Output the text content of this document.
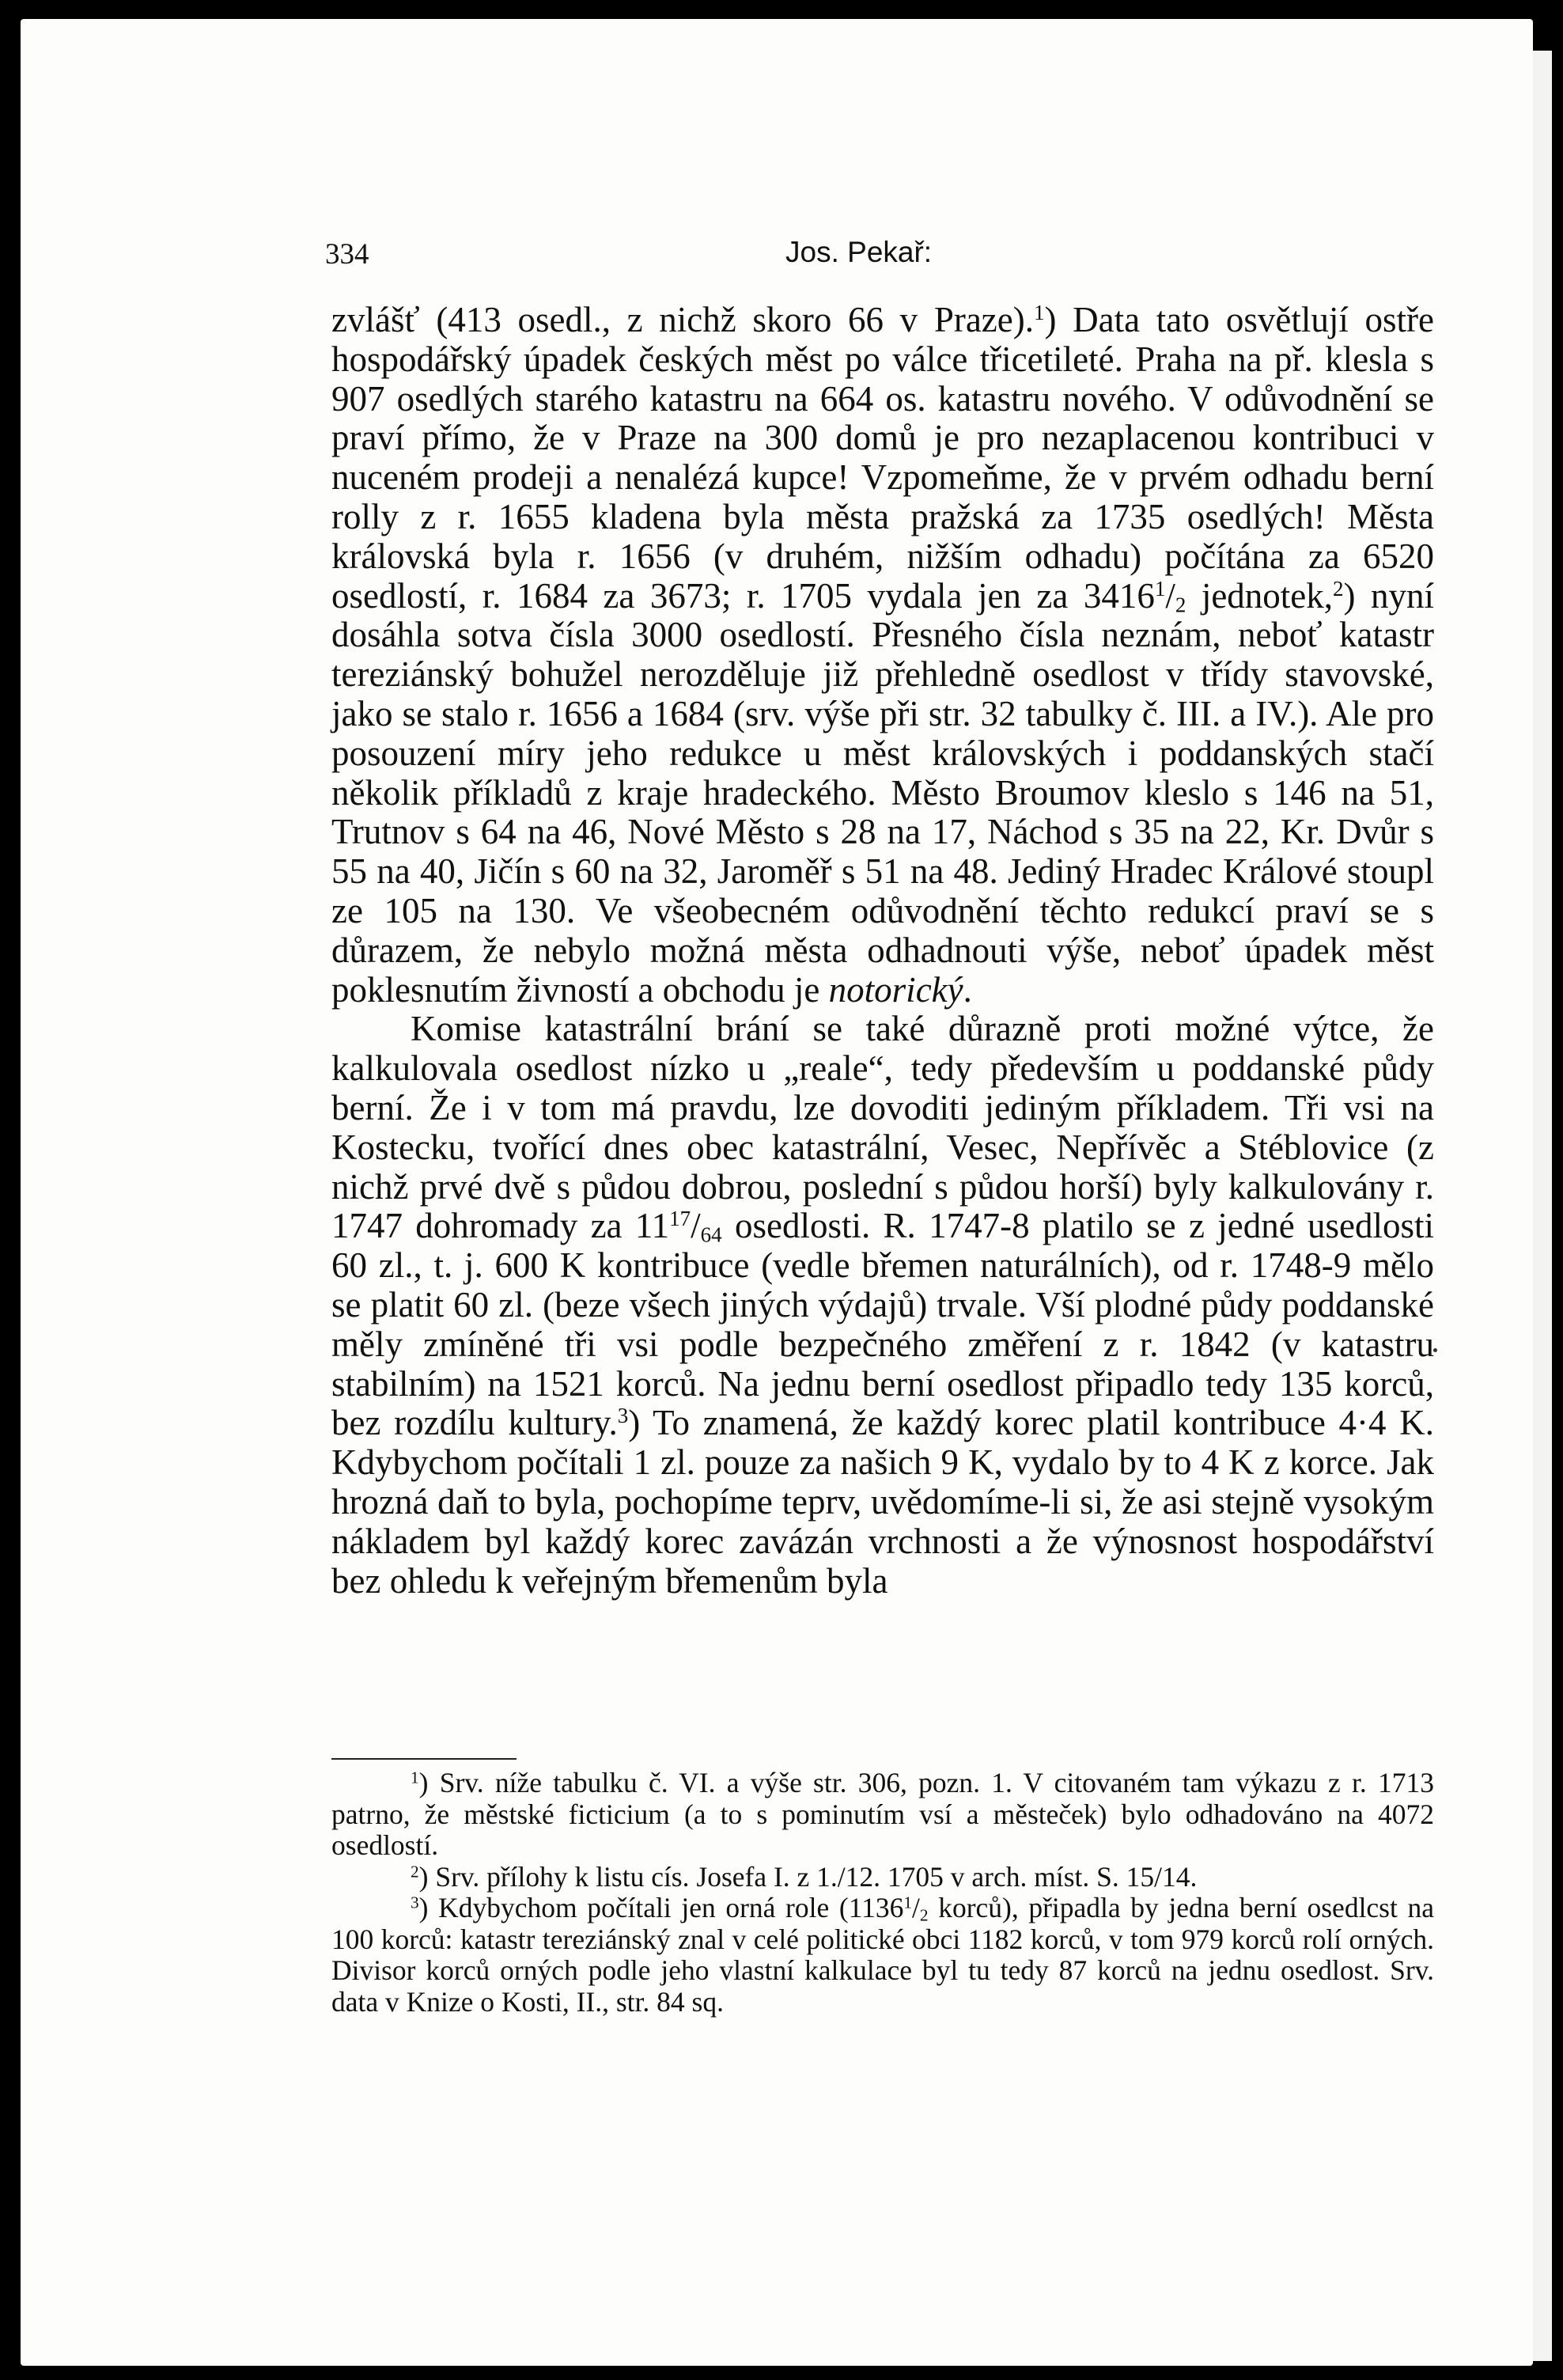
334	Jos. Pekař:

zvlášť (413 osedl., z nichž skoro 66 v Praze).$^1$) Data tato osvětlují ostře hospodářský úpadek českých měst po válce třicetileté. Praha na př. klesla s 907 osedlých starého katastru na 664 os. katastru nového. V odůvodnění se praví přímo, že v Praze na 300 domů je pro nezaplacenou kontribuci v nuceném prodeji a nenalézá kupce! Vzpomeňme, že v prvém odhadu berní rolly z r. 1655 kladena byla města pražská za 1735 osedlých! Města královská byla r. 1656 (v druhém, nižším odhadu) počítána za 6520 osedlostí, r. 1684 za 3673; r. 1705 vydala jen za $3416^1/_2$ jednotek,$^2$) nyní dosáhla sotva čísla 3000 osedlostí. Přesného čísla neznám, neboť katastr tereziánský bohužel nerozděluje již přehledně osedlost v třídy stavovské, jako se stalo r. 1656 a 1684 (srv. výše při str. 32 tabulky č. III. a IV.). Ale pro posouzení míry jeho redukce u měst královských i poddanských stačí několik příkladů z kraje hradeckého. Město Broumov kleslo s 146 na 51, Trutnov s 64 na 46, Nové Město s 28 na 17, Náchod s 35 na 22, Kr. Dvůr s 55 na 40, Jičín s 60 na 32, Jaroměř s 51 na 48. Jediný Hradec Králové stoupl ze 105 na 130. Ve všeobecném odůvodnění těchto redukcí praví se s důrazem, že nebylo možná města odhadnouti výše, neboť úpadek měst poklesnutím živností a obchodu je notorický.

Komise katastrální brání se také důrazně proti možné výtce, že kalkulovala osedlost nízko u „reale“, tedy především u poddanské půdy berní. Že i v tom má pravdu, lze dovoditi jediným příkladem. Tři vsi na Kostecku, tvořící dnes obec katastrální, Vesec, Nepřívěc a Stéblovice (z nichž prvé dvě s půdou dobrou, poslední s půdou horší) byly kalkulovány r. 1747 dohromady za $11^{17}/_{64}$ osedlosti. R. 1747-8 platilo se z jedné usedlosti 60 zl., t. j. 600 K kontribuce (vedle břemen naturálních), od r. 1748-9 mělo se platit 60 zl. (beze všech jiných výdajů) trvale. Vší plodné půdy poddanské měly zmíněné tři vsi podle bezpečného změření z r. 1842 (v katastru stabilním) na 1521 korců. Na jednu berní osedlost připadlo tedy 135 korců, bez rozdílu kultury.$^3$) To znamená, že každý korec platil kontribuce 4·4 K. Kdybychom počítali 1 zl. pouze za našich 9 K, vydalo by to 4 K z korce. Jak hrozná daň to byla, pochopíme teprv, uvědomíme-li si, že asi stejně vysokým nákladem byl každý korec zavázán vrchnosti a že výnosnost hospodářství bez ohledu k veřejným břemenům byla

$^1$) Srv. níže tabulku č. VI. a výše str. 306, pozn. 1. V citovaném tam výkazu z r. 1713 patrno, že městské ficticium (a to s pominutím vsí a městeček) bylo odhadováno na 4072 osedlostí.

$^2$) Srv. přílohy k listu cís. Josefa I. z 1./12. 1705 v arch. míst. S. 15/14.

$^3$) Kdybychom počítali jen orná role ($1136^1/_2$ korců), připadla by jedna berní osedlcst na 100 korců: katastr tereziánský znal v celé politické obci 1182 korců, v tom 979 korců rolí orných. Divisor korců orných podle jeho vlastní kalkulace byl tu tedy 87 korců na jednu osedlost. Srv. data v Knize o Kosti, II., str. 84 sq.
